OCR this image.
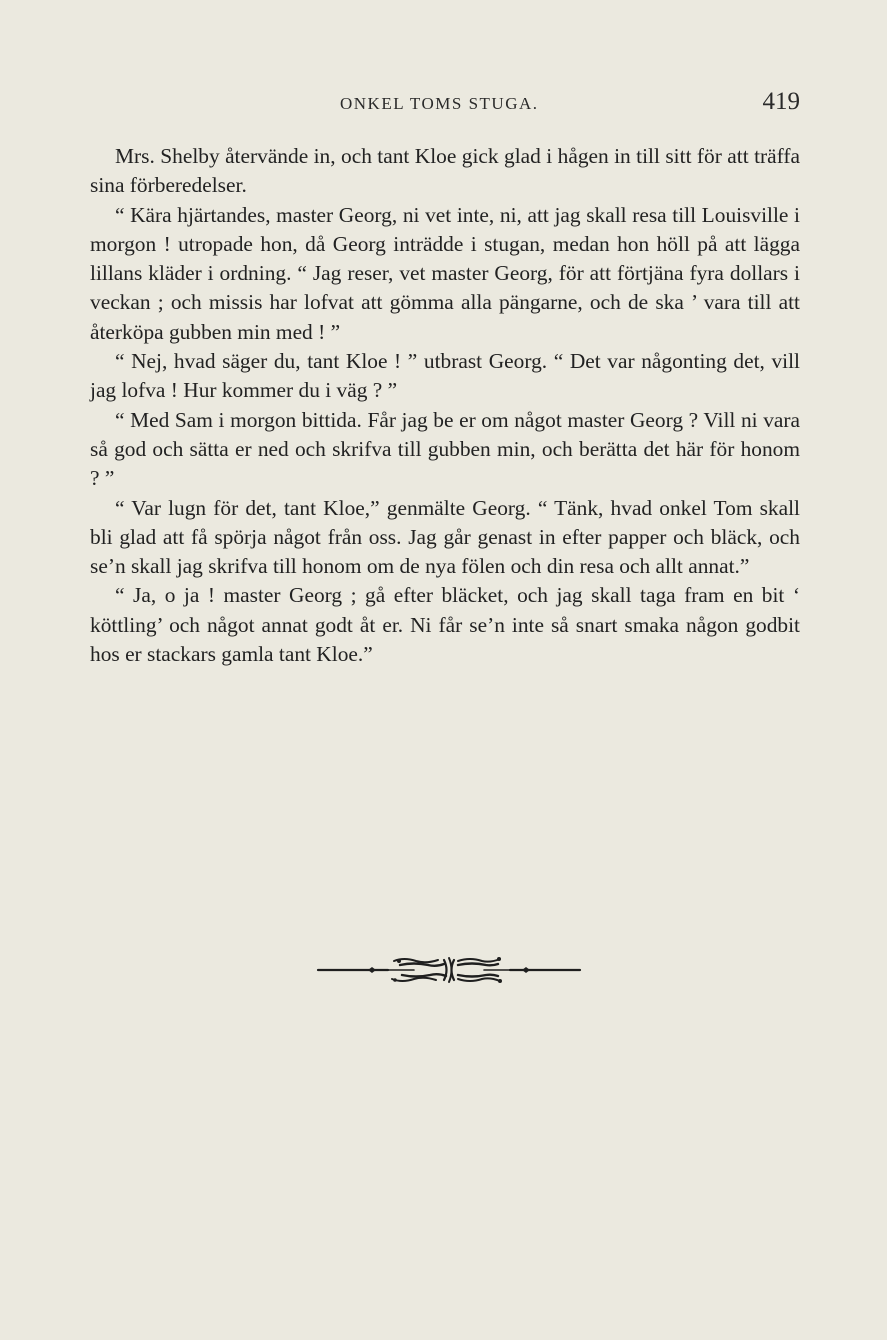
ONKEL TOMS STUGA.	419

Mrs. Shelby återvände in, och tant Kloe gick glad i hågen in till sitt för att träffa sina förberedelser.

“ Kära hjärtandes, master Georg, ni vet inte, ni, att jag skall resa till Louisville i morgon ! utropade hon, då Georg inträdde i stugan, medan hon höll på att lägga lillans kläder i ordning. “ Jag reser, vet master Georg, för att förtjäna fyra dollars i veckan ; och missis har lofvat att gömma alla pängarne, och de ska ’ vara till att återköpa gubben min med ! ”

“ Nej, hvad säger du, tant Kloe ! ” utbrast Georg. “ Det var någonting det, vill jag lofva ! Hur kommer du i väg ? ”

“ Med Sam i morgon bittida. Får jag be er om något master Georg ? Vill ni vara så god och sätta er ned och skrifva till gubben min, och berätta det här för honom ? ”

“ Var lugn för det, tant Kloe,” genmälte Georg. “ Tänk, hvad onkel Tom skall bli glad att få spörja något från oss. Jag går genast in efter papper och bläck, och se’n skall jag skrifva till honom om de nya fölen och din resa och allt annat.”

“ Ja, o ja ! master Georg ; gå efter bläcket, och jag skall taga fram en bit ‘ köttling’ och något annat godt åt er. Ni får se’n inte så snart smaka någon godbit hos er stackars gamla tant Kloe.”
